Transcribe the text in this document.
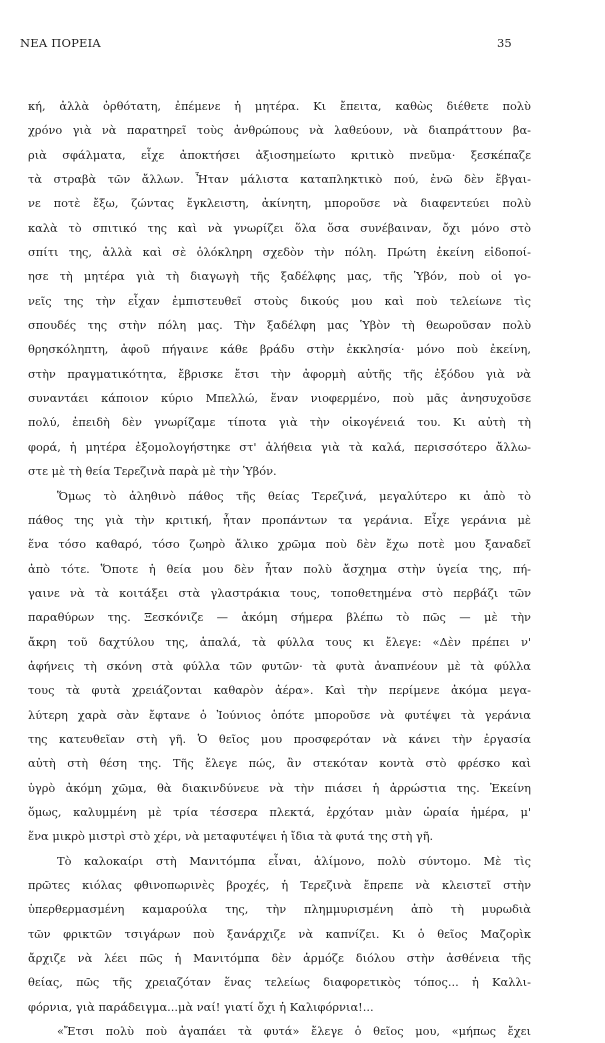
ΝΕΑ ΠΟΡΕΙΑ	35
κή, ἀλλὰ ὀρθότατη, ἐπέμενε ἡ μητέρα. Κι ἔπειτα, καθὼς διέθετε πολὺ
χρόνο γιὰ νὰ παρατηρεῖ τοὺς ἀνθρώπους νὰ λαθεύουν, νὰ διαπράττουν βα-
ριὰ σφάλματα, εἶχε ἀποκτήσει ἀξιοσημείωτο κριτικὸ πνεῦμα· ξεσκέπαζε
τὰ στραβὰ τῶν ἄλλων. Ἦταν μάλιστα καταπληκτικὸ πού, ἐνῶ δὲν ἔβγαι-
νε ποτὲ ἔξω, ζώντας ἔγκλειστη, ἀκίνητη, μποροῦσε νὰ διαφεντεύει πολὺ
καλὰ τὸ σπιτικό της καὶ νὰ γνωρίζει ὅλα ὅσα συνέβαιναν, ὄχι μόνο στὸ
σπίτι της, ἀλλὰ καὶ σὲ ὁλόκληρη σχεδὸν τὴν πόλη. Πρώτη ἐκείνη εἰδοποί-
ησε τὴ μητέρα γιὰ τὴ διαγωγὴ τῆς ξαδέλφης μας, τῆς Ὑβόν, ποὺ οἱ γο-
νεῖς της τὴν εἶχαν ἐμπιστευθεῖ στοὺς δικούς μου καὶ ποὺ τελείωνε τὶς
σπουδές της στὴν πόλη μας. Τὴν ξαδέλφη μας Ὑβὸν τὴ θεωροῦσαν πολὺ
θρησκόληπτη, ἀφοῦ πήγαινε κάθε βράδυ στὴν ἐκκλησία· μόνο ποὺ ἐκείνη,
στὴν πραγματικότητα, ἔβρισκε ἔτσι τὴν ἀφορμὴ αὐτῆς τῆς ἐξόδου γιὰ νὰ
συναντάει κάποιον κύριο Μπελλώ, ἕναν νιοφερμένο, ποὺ μᾶς ἀνησυχοῦσε
πολύ, ἐπειδὴ δὲν γνωρίζαμε τίποτα γιὰ τὴν οἰκογένειά του. Κι αὐτὴ τὴ
φορά, ἡ μητέρα ἐξομολογήστηκε στ' ἀλήθεια γιὰ τὰ καλά, περισσότερο ἄλλω-
στε μὲ τὴ θεία Τερεζινὰ παρὰ μὲ τὴν Ὑβόν.
Ὅμως τὸ ἀληθινὸ πάθος τῆς θείας Τερεζινά, μεγαλύτερο κι ἀπὸ τὸ
πάθος της γιὰ τὴν κριτική, ἦταν προπάντων τα γεράνια. Εἶχε γεράνια μὲ
ἕνα τόσο καθαρό, τόσο ζωηρὸ ἄλικο χρῶμα ποὺ δὲν ἔχω ποτὲ μου ξαναδεῖ
ἀπὸ τότε. Ὅποτε ἡ θεία μου δὲν ἦταν πολὺ ἄσχημα στὴν ὑγεία της, πή-
γαινε νὰ τὰ κοιτάξει στὰ γλαστράκια τους, τοποθετημένα στὸ περβάζι τῶν
παραθύρων της. Ξεσκόνιζε — ἀκόμη σήμερα βλέπω τὸ πῶς — μὲ τὴν
ἄκρη τοῦ δαχτύλου της, ἁπαλά, τὰ φύλλα τους κι ἔλεγε: «Δὲν πρέπει ν'
ἀφήνεις τὴ σκόνη στὰ φύλλα τῶν φυτῶν· τὰ φυτὰ ἀναπνέουν μὲ τὰ φύλλα
τους τὰ φυτὰ χρειάζονται καθαρὸν ἀέρα». Καὶ τὴν περίμενε ἀκόμα μεγα-
λύτερη χαρὰ σὰν ἔφτανε ὁ Ἰούνιος ὁπότε μποροῦσε νὰ φυτέψει τὰ γεράνια
της κατευθεῖαν στὴ γῆ. Ὁ θεῖος μου προσφερόταν νὰ κάνει τὴν ἐργασία
αὐτὴ στὴ θέση της. Τῆς ἔλεγε πώς, ἂν στεκόταν κοντὰ στὸ φρέσκο καὶ
ὑγρὸ ἀκόμη χῶμα, θὰ διακινδύνευε νὰ τὴν πιάσει ἡ ἀρρώστια της. Ἐκείνη
ὅμως, καλυμμένη μὲ τρία τέσσερα πλεκτά, ἐρχόταν μιὰν ὡραία ἡμέρα, μ'
ἕνα μικρὸ μιστρὶ στὸ χέρι, νὰ μεταφυτέψει ἡ ἴδια τὰ φυτά της στὴ γῆ.
Τὸ καλοκαίρι στὴ Μανιτόμπα εἶναι, ἀλίμονο, πολὺ σύντομο. Μὲ τὶς
πρῶτες κιόλας φθινοπωρινὲς βροχές, ἡ Τερεζινὰ ἔπρεπε νὰ κλειστεῖ στὴν
ὑπερθερμασμένη καμαρούλα της, τὴν πλημμυρισμένη ἀπὸ τὴ μυρωδιὰ
τῶν φρικτῶν τσιγάρων ποὺ ξανάρχιζε νὰ καπνίζει. Κι ὁ θεῖος Μαζορὶκ
ἄρχιζε νὰ λέει πῶς ἡ Μανιτόμπα δὲν ἁρμόζε διόλου στὴν ἀσθένεια τῆς
θείας, πῶς τῆς χρειαζόταν ἕνας τελείως διαφορετικὸς τόπος... ἡ Καλλι-
φόρνια, γιὰ παράδειγμα...μὰ ναί! γιατί ὄχι ἡ Καλιφόρνια!...
«Ἔτσι πολὺ ποὺ ἀγαπάει τὰ φυτά» ἔλεγε ὁ θεῖος μου, «μήπως ἔχει
